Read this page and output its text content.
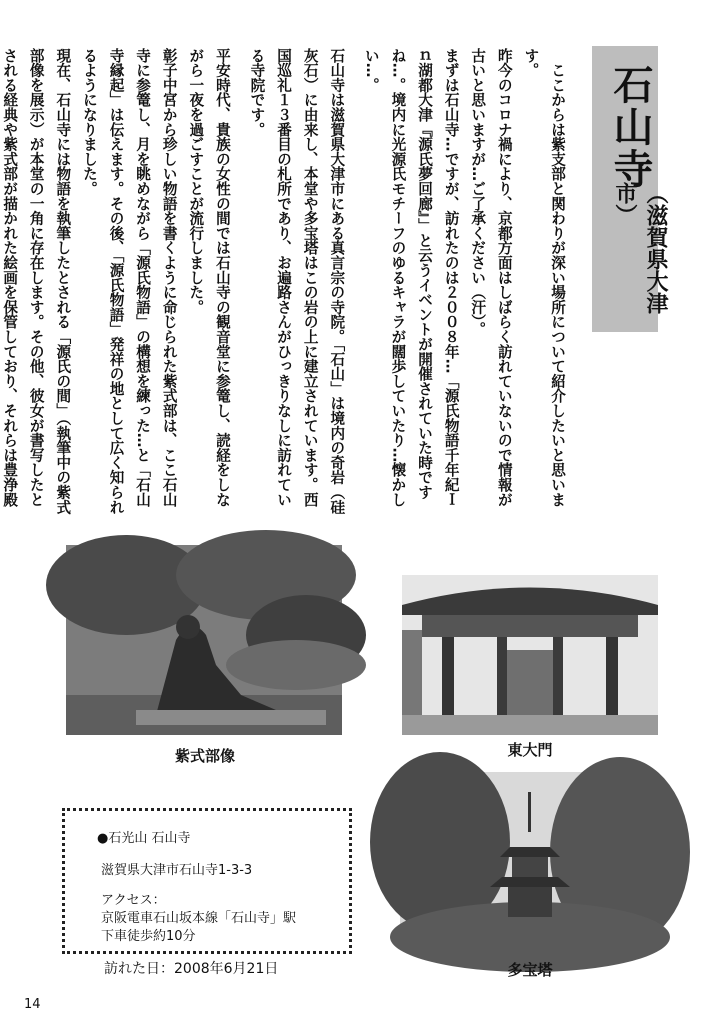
石山寺
（滋賀県大津市）

　ここからは紫支部と関わりが深い場所について紹介したいと思います。

昨今のコロナ禍により、京都方面はしばらく訪れていないので情報が古いと思いますが…ご了承ください（汗）。

まずは石山寺…ですが、訪れたのは２００８年…「源氏物語千年紀Ｉｎ湖都大津『源氏夢回廊』」と云うイベントが開催されていた時ですね…。境内に光源氏モチーフのゆるキャラが闊歩していたり…懐かしい…。

石山寺は滋賀県大津市にある真言宗の寺院。「石山」は境内の奇岩（硅灰石）に由来し、本堂や多宝塔はこの岩の上に建立されています。西国巡礼１３番目の札所であり、お遍路さんがひっきりなしに訪れている寺院です。

平安時代、貴族の女性の間では石山寺の観音堂に参篭し、読経をしながら一夜を過ごすことが流行しました。

彰子中宮から珍しい物語を書くように命じられた紫式部は、ここ石山寺に参篭し、月を眺めながら「源氏物語」の構想を練った…と「石山寺縁起」は伝えます。その後、「源氏物語」発祥の地として広く知られるようになりました。

現在、石山寺には物語を執筆したとされる「源氏の間」（執筆中の紫式部像を展示）が本堂の一角に存在します。その他、彼女が書写したとされる経典や紫式部が描かれた絵画を保管しており、それらは豊浄殿

紫式部像	東大門
多宝塔
●石光山 石山寺
滋賀県大津市石山寺1-3-3
アクセス：
京阪電車石山坂本線「石山寺」駅
下車徒歩約10分
訪れた日：2008年6月21日
14
